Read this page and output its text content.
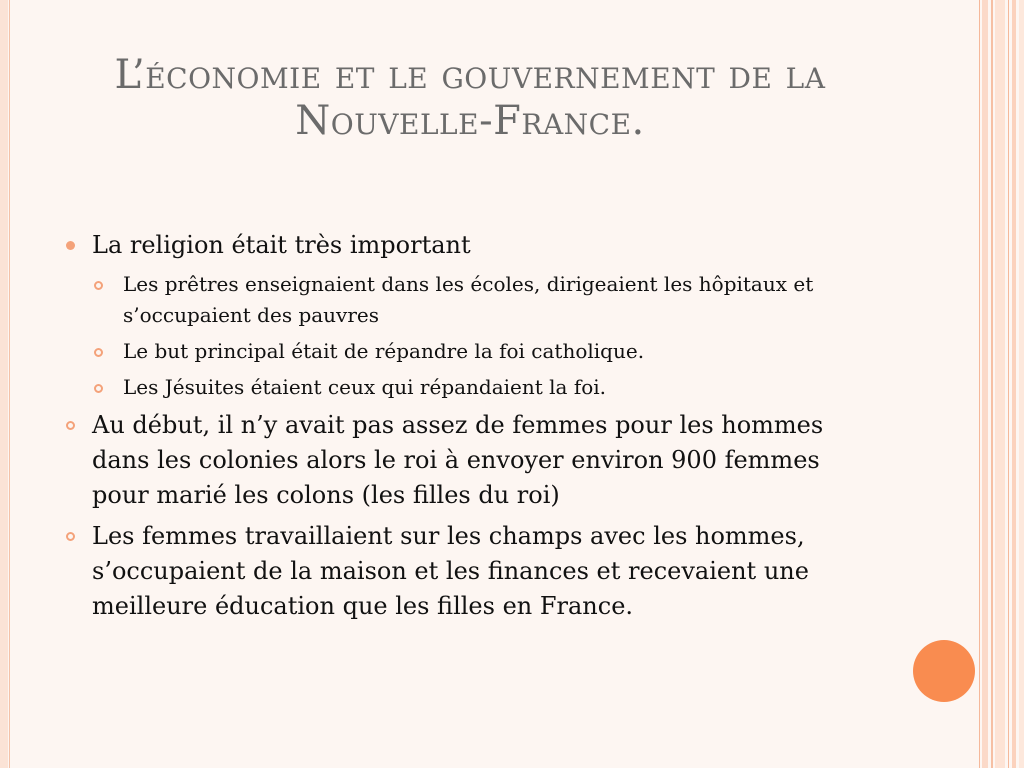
L’économie et le gouvernement de la
Nouvelle-France.
La religion était très important
Les prêtres enseignaient dans les écoles, dirigeaient les hôpitaux et s’occupaient des pauvres
Le but principal était de répandre la foi catholique.
Les Jésuites étaient ceux qui répandaient la foi.
Au début, il n’y avait pas assez de femmes pour les hommes dans les colonies alors le roi à envoyer environ 900 femmes pour marié les colons (les filles du roi)
Les femmes travaillaient sur les champs avec les hommes, s’occupaient de la maison et les finances et recevaient une meilleure éducation que les filles en France.
